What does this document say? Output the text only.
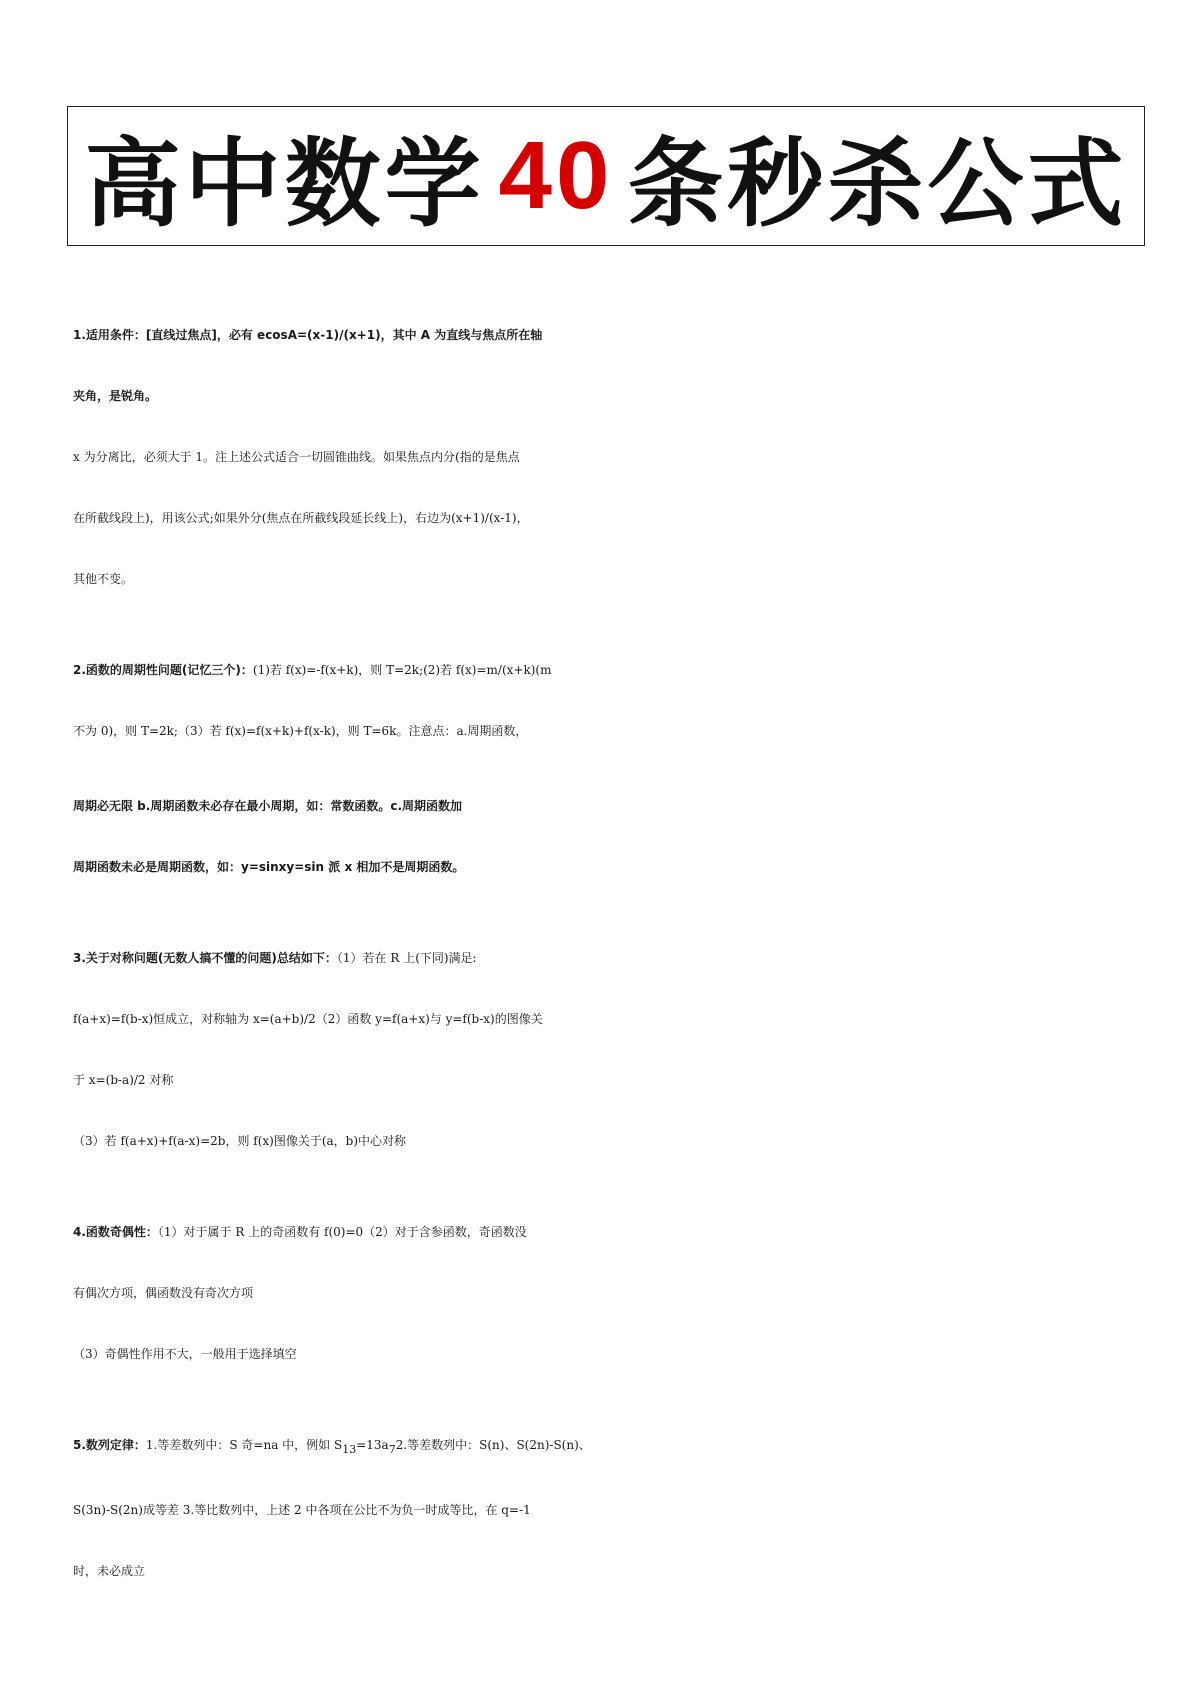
高中数学 40 条秒杀公式
1.适用条件：[直线过焦点]，必有 ecosA=(x-1)/(x+1)，其中 A 为直线与焦点所在轴
夹角，是锐角。
x 为分离比，必须大于 1。注上述公式适合一切圆锥曲线。如果焦点内分(指的是焦点
在所截线段上)，用该公式;如果外分(焦点在所截线段延长线上)，右边为(x+1)/(x-1)，
其他不变。
2.函数的周期性问题(记忆三个)：(1)若 f(x)=-f(x+k)，则 T=2k;(2)若 f(x)=m/(x+k)(m
不为 0)，则 T=2k;（3）若 f(x)=f(x+k)+f(x-k)，则 T=6k。注意点：a.周期函数，
周期必无限 b.周期函数未必存在最小周期，如：常数函数。c.周期函数加
周期函数未必是周期函数，如：y=sinxy=sin 派 x 相加不是周期函数。
3.关于对称问题(无数人搞不懂的问题)总结如下：（1）若在 R 上(下同)满足:
f(a+x)=f(b-x)恒成立，对称轴为 x=(a+b)/2（2）函数 y=f(a+x)与 y=f(b-x)的图像关
于 x=(b-a)/2 对称
（3）若 f(a+x)+f(a-x)=2b，则 f(x)图像关于(a，b)中心对称
4.函数奇偶性：（1）对于属于 R 上的奇函数有 f(0)=0（2）对于含参函数，奇函数没
有偶次方项，偶函数没有奇次方项
（3）奇偶性作用不大，一般用于选择填空
5.数列定律：1.等差数列中：S 奇=na 中，例如 S13=13a72.等差数列中：S(n)、S(2n)-S(n)、
S(3n)-S(2n)成等差 3.等比数列中，上述 2 中各项在公比不为负一时成等比，在 q=-1
时，未必成立
